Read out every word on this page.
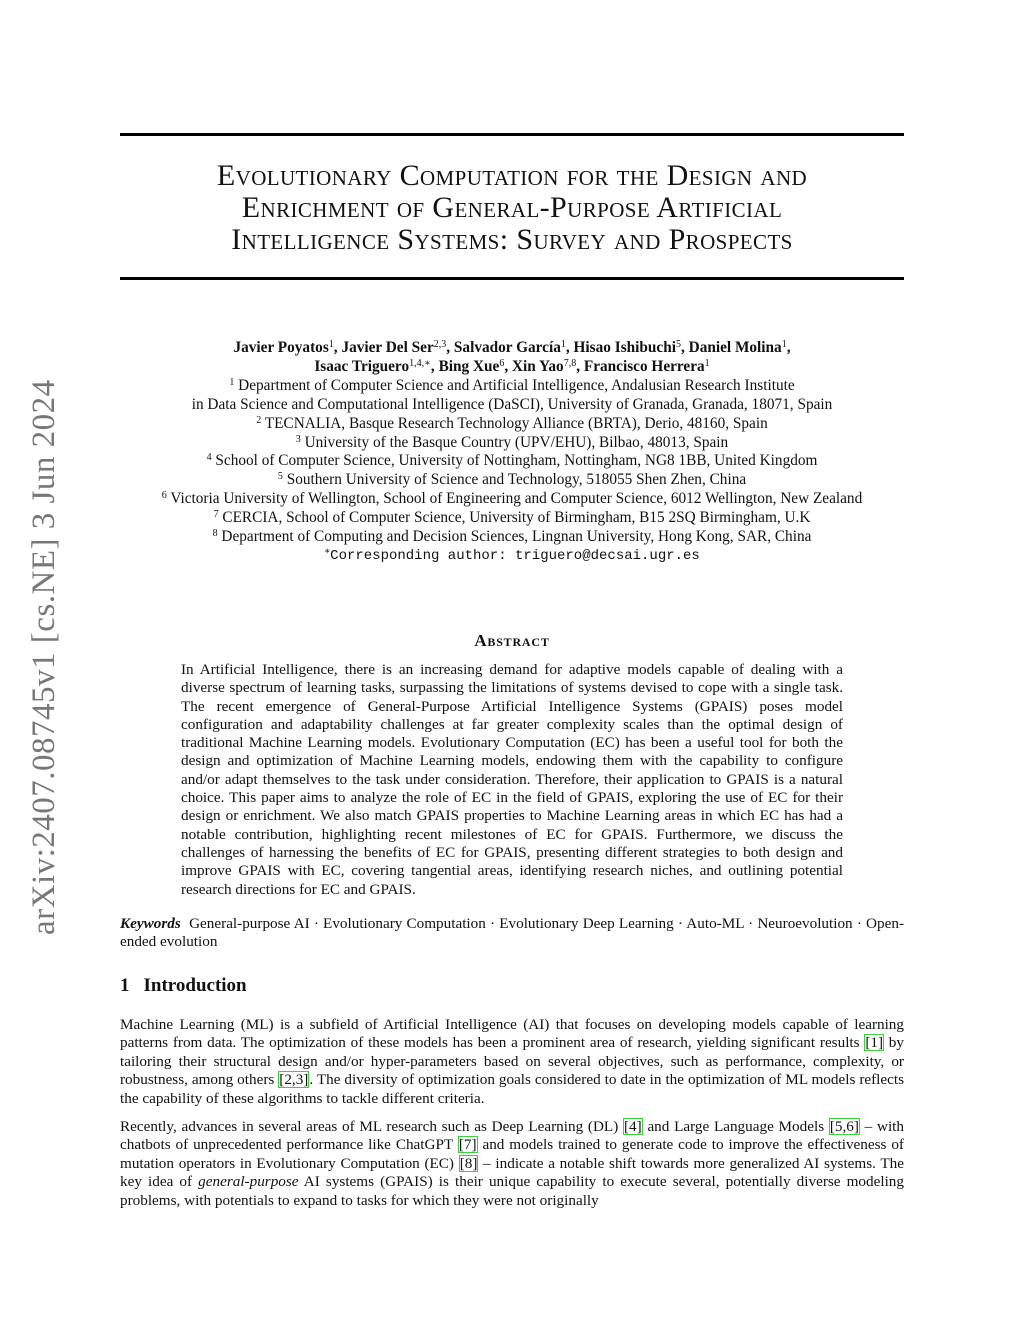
arXiv:2407.08745v1 [cs.NE] 3 Jun 2024
Evolutionary Computation for the Design and
Enrichment of General-Purpose Artificial
Intelligence Systems: Survey and Prospects
Javier Poyatos$^1$, Javier Del Ser$^{2,3}$, Salvador García$^1$, Hisao Ishibuchi$^5$, Daniel Molina$^1$,
Isaac Triguero$^{1,4,∗}$, Bing Xue$^6$, Xin Yao$^{7,8}$, Francisco Herrera$^1$
$^1$ Department of Computer Science and Artificial Intelligence, Andalusian Research Institute
in Data Science and Computational Intelligence (DaSCI), University of Granada, Granada, 18071, Spain
$^2$ TECNALIA, Basque Research Technology Alliance (BRTA), Derio, 48160, Spain
$^3$ University of the Basque Country (UPV/EHU), Bilbao, 48013, Spain
$^4$ School of Computer Science, University of Nottingham, Nottingham, NG8 1BB, United Kingdom
$^5$ Southern University of Science and Technology, 518055 Shen Zhen, China
$^6$ Victoria University of Wellington, School of Engineering and Computer Science, 6012 Wellington, New Zealand
$^7$ CERCIA, School of Computer Science, University of Birmingham, B15 2SQ Birmingham, U.K
$^8$ Department of Computing and Decision Sciences, Lingnan University, Hong Kong, SAR, China
∗Corresponding author: triguero@decsai.ugr.es
Abstract

In Artificial Intelligence, there is an increasing demand for adaptive models capable of dealing with a diverse spectrum of learning tasks, surpassing the limitations of systems devised to cope with a single task. The recent emergence of General-Purpose Artificial Intelligence Systems (GPAIS) poses model configuration and adaptability challenges at far greater complexity scales than the optimal design of traditional Machine Learning models. Evolutionary Computation (EC) has been a useful tool for both the design and optimization of Machine Learning models, endowing them with the capability to configure and/or adapt themselves to the task under consideration. Therefore, their application to GPAIS is a natural choice. This paper aims to analyze the role of EC in the field of GPAIS, exploring the use of EC for their design or enrichment. We also match GPAIS properties to Machine Learning areas in which EC has had a notable contribution, highlighting recent milestones of EC for GPAIS. Furthermore, we discuss the challenges of harnessing the benefits of EC for GPAIS, presenting different strategies to both design and improve GPAIS with EC, covering tangential areas, identifying research niches, and outlining potential research directions for EC and GPAIS.

Keywords General-purpose AI · Evolutionary Computation · Evolutionary Deep Learning · Auto-ML · Neuroevolution · Open-ended evolution

1 Introduction

Machine Learning (ML) is a subfield of Artificial Intelligence (AI) that focuses on developing models capable of learning patterns from data. The optimization of these models has been a prominent area of research, yielding significant results [1] by tailoring their structural design and/or hyper-parameters based on several objectives, such as performance, complexity, or robustness, among others [2,3]. The diversity of optimization goals considered to date in the optimization of ML models reflects the capability of these algorithms to tackle different criteria.

Recently, advances in several areas of ML research such as Deep Learning (DL) [4] and Large Language Models [5,6] – with chatbots of unprecedented performance like ChatGPT [7] and models trained to generate code to improve the effectiveness of mutation operators in Evolutionary Computation (EC) [8] – indicate a notable shift towards more generalized AI systems. The key idea of general-purpose AI systems (GPAIS) is their unique capability to execute several, potentially diverse modeling problems, with potentials to expand to tasks for which they were not originally
